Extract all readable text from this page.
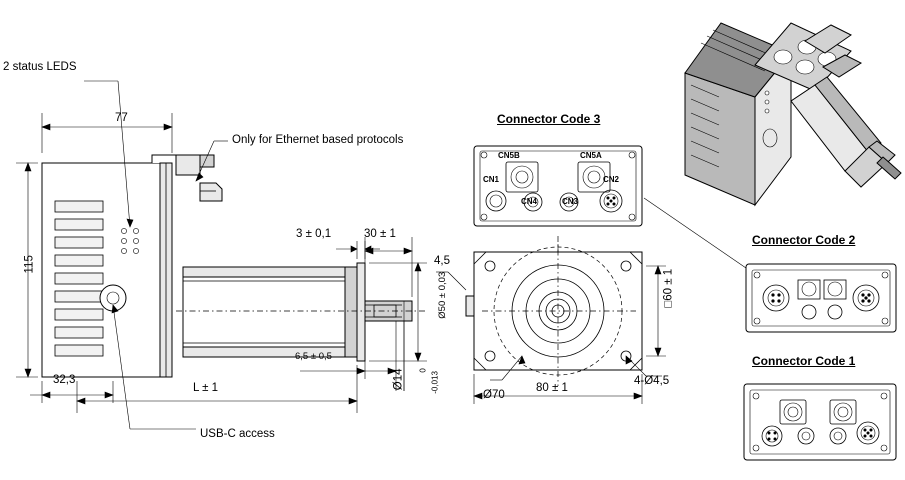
2 status LEDS
Only for Ethernet based protocols
USB-C access
77
115
32,3
L ± 1
6,5 ± 0,5
30 ± 1
3 ± 0,1
Ø50 ± 0,03
Ø14 0
-0,013
Connector Code 3
CN5B	CN5A
CN1
CN4	CN3
CN2
4,5
□60 ± 1
80 ± 1
Ø70
4-Ø4,5
Connector Code 2
Connector Code 1
